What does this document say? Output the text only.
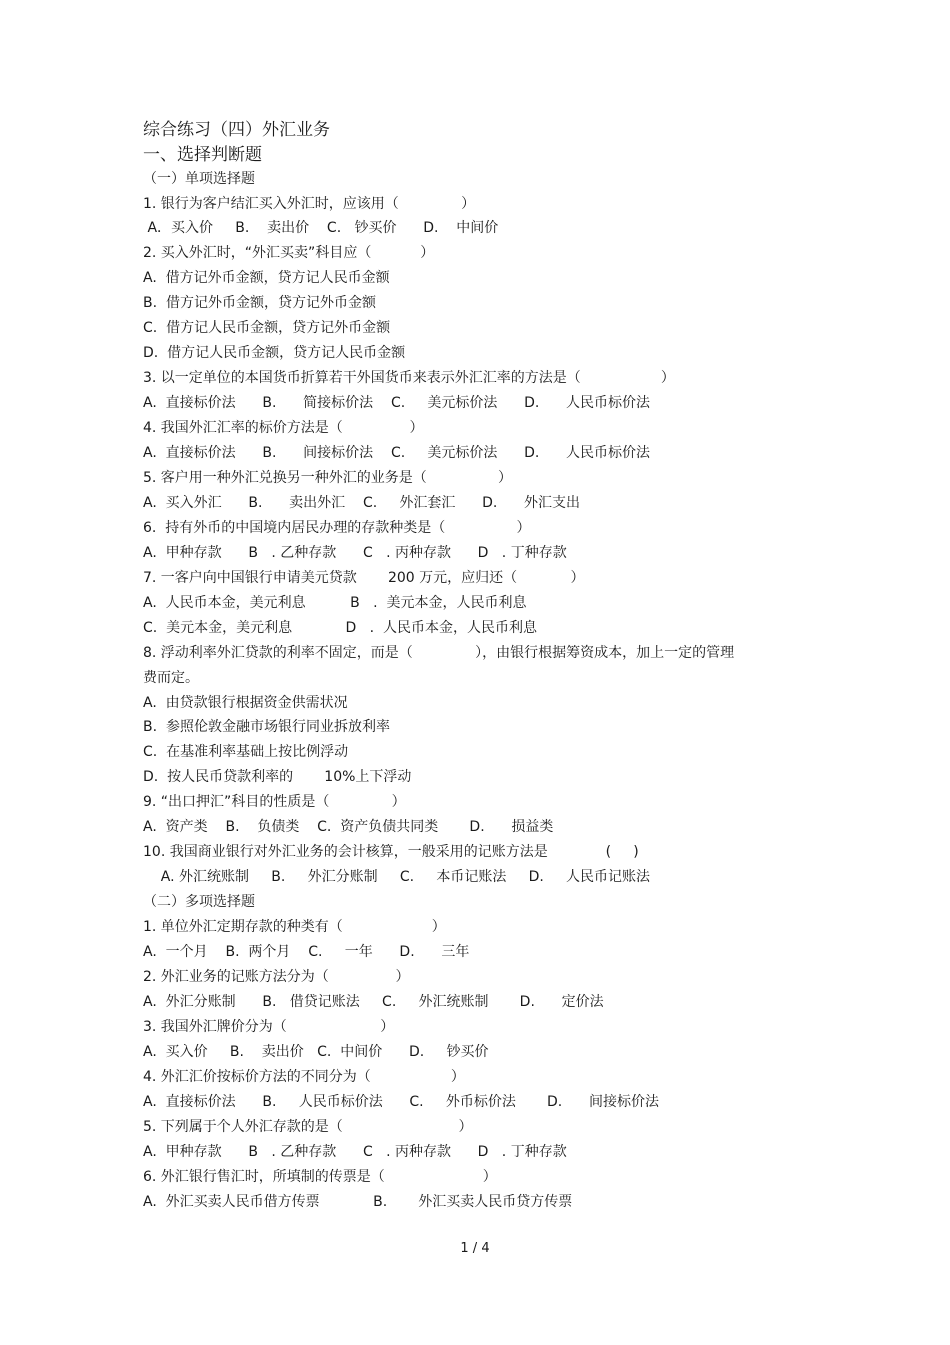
综合练习（四）外汇业务
一、选择判断题
（一）单项选择题
1. 银行为客户结汇买入外汇时，应该用（              ）
A．买入价     B.    卖出价    C.   钞买价      D.    中间价
2. 买入外汇时，“外汇买卖”科目应（           ）
A.  借方记外币金额，贷方记人民币金额
B.  借方记外币金额，贷方记外币金额
C.  借方记人民币金额，贷方记外币金额
D.  借方记人民币金额，贷方记人民币金额
3. 以一定单位的本国货币折算若干外国货币来表示外汇汇率的方法是（                  ）
A.  直接标价法      B.      简接标价法    C.     美元标价法      D.      人民币标价法
4. 我国外汇汇率的标价方法是（               ）
A.  直接标价法      B.      间接标价法    C.     美元标价法      D.      人民币标价法
5. 客户用一种外汇兑换另一种外汇的业务是（                ）
A.  买入外汇      B.      卖出外汇    C.     外汇套汇      D.      外汇支出
6.  持有外币的中国境内居民办理的存款种类是（                ）
A.  甲种存款      B   . 乙种存款      C   . 丙种存款      D   . 丁种存款
7. 一客户向中国银行申请美元贷款       200 万元，应归还（            ）
A.  人民币本金，美元利息          B   .  美元本金，人民币利息
C.  美元本金，美元利息            D   .  人民币本金，人民币利息
8. 浮动利率外汇贷款的利率不固定，而是（              ），由银行根据筹资成本，加上一定的管理
费而定。
A.  由贷款银行根据资金供需状况
B.  参照伦敦金融市场银行同业拆放利率
C.  在基准利率基础上按比例浮动
D.  按人民币贷款利率的       10%上下浮动
9. “出口押汇”科目的性质是（              ）
A.  资产类    B.    负债类    C.  资产负债共同类       D.      损益类
10. 我国商业银行对外汇业务的会计核算，一般采用的记账方法是             (     )
A. 外汇统账制     B.     外汇分账制     C.     本币记账法     D.     人民币记账法
（二）多项选择题
1. 单位外汇定期存款的种类有（                    ）
A.  一个月    B.  两个月    C.     一年      D.      三年
2. 外汇业务的记账方法分为（               ）
A.  外汇分账制      B.   借贷记账法     C.     外汇统账制       D.      定价法
3. 我国外汇牌价分为（                     ）
A.  买入价     B.    卖出价   C.  中间价      D.     钞买价
4. 外汇汇价按标价方法的不同分为（                  ）
A.  直接标价法      B.     人民币标价法      C.     外币标价法       D.      间接标价法
5. 下列属于个人外汇存款的是（                          ）
A.  甲种存款      B   . 乙种存款      C   . 丙种存款      D   . 丁种存款
6. 外汇银行售汇时，所填制的传票是（                      ）
A.  外汇买卖人民币借方传票            B.       外汇买卖人民币贷方传票
1 / 4
